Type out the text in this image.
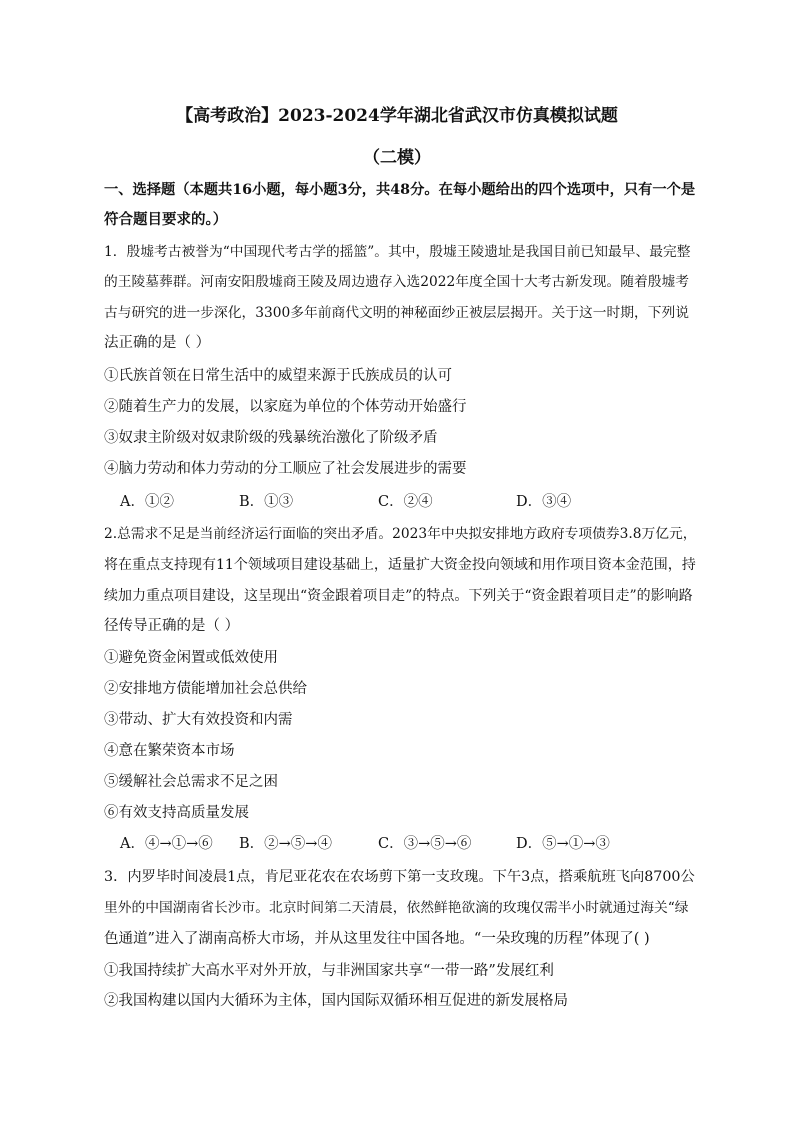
【高考政治】2023-2024学年湖北省武汉市仿真模拟试题
（二模）
一、选择题（本题共16小题，每小题3分，共48分。在每小题给出的四个选项中，只有一个是
符合题目要求的。）
1．殷墟考古被誉为“中国现代考古学的摇篮”。其中，殷墟王陵遗址是我国目前已知最早、最完整
的王陵墓葬群。河南安阳殷墟商王陵及周边遗存入选2022年度全国十大考古新发现。随着殷墟考
古与研究的进一步深化，3300多年前商代文明的神秘面纱正被层层揭开。关于这一时期，下列说
法正确的是（ ）
①氏族首领在日常生活中的威望来源于氏族成员的认可
②随着生产力的发展，以家庭为单位的个体劳动开始盛行
③奴隶主阶级对奴隶阶级的残暴统治激化了阶级矛盾
④脑力劳动和体力劳动的分工顺应了社会发展进步的需要
A．①②	B．①③	C．②④	D．③④
2.总需求不足是当前经济运行面临的突出矛盾。2023年中央拟安排地方政府专项债券3.8万亿元，
将在重点支持现有11个领域项目建设基础上，适量扩大资金投向领域和用作项目资本金范围，持
续加力重点项目建设，这呈现出“资金跟着项目走”的特点。下列关于“资金跟着项目走”的影响路
径传导正确的是（ ）
①避免资金闲置或低效使用
②安排地方债能增加社会总供给
③带动、扩大有效投资和内需
④意在繁荣资本市场
⑤缓解社会总需求不足之困
⑥有效支持高质量发展
A．④→①→⑥ B．②→⑤→④	C．③→⑤→⑥	D．⑤→①→③
3．内罗毕时间凌晨1点，肯尼亚花农在农场剪下第一支玫瑰。下午3点，搭乘航班飞向8700公
里外的中国湖南省长沙市。北京时间第二天清晨，依然鲜艳欲滴的玫瑰仅需半小时就通过海关“绿
色通道”进入了湖南高桥大市场，并从这里发往中国各地。“一朵玫瑰的历程”体现了( )
①我国持续扩大高水平对外开放，与非洲国家共享“一带一路”发展红利
②我国构建以国内大循环为主体，国内国际双循环相互促进的新发展格局
